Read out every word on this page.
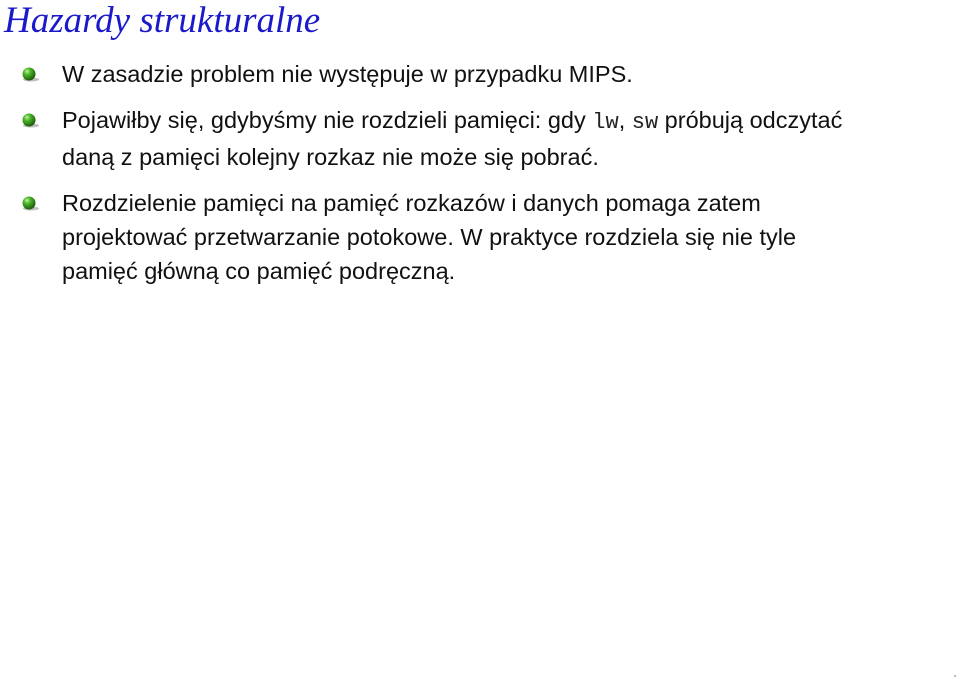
Hazardy strukturalne
W zasadzie problem nie występuje w przypadku MIPS.
Pojawiłby się, gdybyśmy nie rozdzieli pamięci: gdy lw, sw próbują odczytać daną z pamięci kolejny rozkaz nie może się pobrać.
Rozdzielenie pamięci na pamięć rozkazów i danych pomaga zatem projektować przetwarzanie potokowe. W praktyce rozdziela się nie tyle pamięć główną co pamięć podręczną.
